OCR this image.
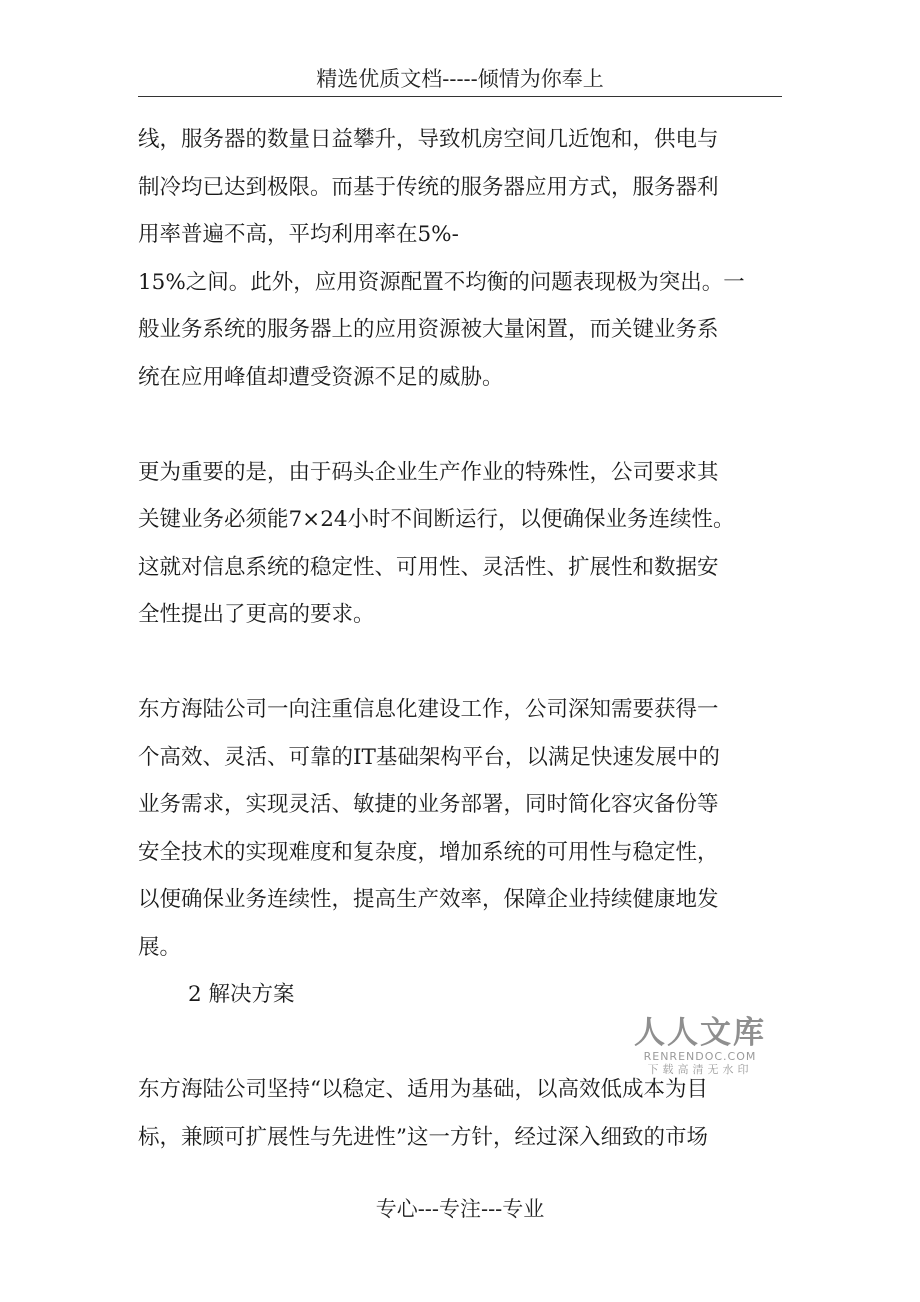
精选优质文档-----倾情为你奉上
线，服务器的数量日益攀升，导致机房空间几近饱和，供电与
制冷均已达到极限。而基于传统的服务器应用方式，服务器利
用率普遍不高，平均利用率在5%-
15%之间。此外，应用资源配置不均衡的问题表现极为突出。一
般业务系统的服务器上的应用资源被大量闲置，而关键业务系
统在应用峰值却遭受资源不足的威胁。
更为重要的是，由于码头企业生产作业的特殊性，公司要求其
关键业务必须能7×24小时不间断运行，以便确保业务连续性。
这就对信息系统的稳定性、可用性、灵活性、扩展性和数据安
全性提出了更高的要求。
东方海陆公司一向注重信息化建设工作，公司深知需要获得一
个高效、灵活、可靠的IT基础架构平台，以满足快速发展中的
业务需求，实现灵活、敏捷的业务部署，同时简化容灾备份等
安全技术的实现难度和复杂度，增加系统的可用性与稳定性，
以便确保业务连续性，提高生产效率，保障企业持续健康地发
展。
2 解决方案
东方海陆公司坚持“以稳定、适用为基础，以高效低成本为目
标，兼顾可扩展性与先进性”这一方针，经过深入细致的市场
人人文库
RENRENDOC.COM
下载高清无水印
专心---专注---专业
